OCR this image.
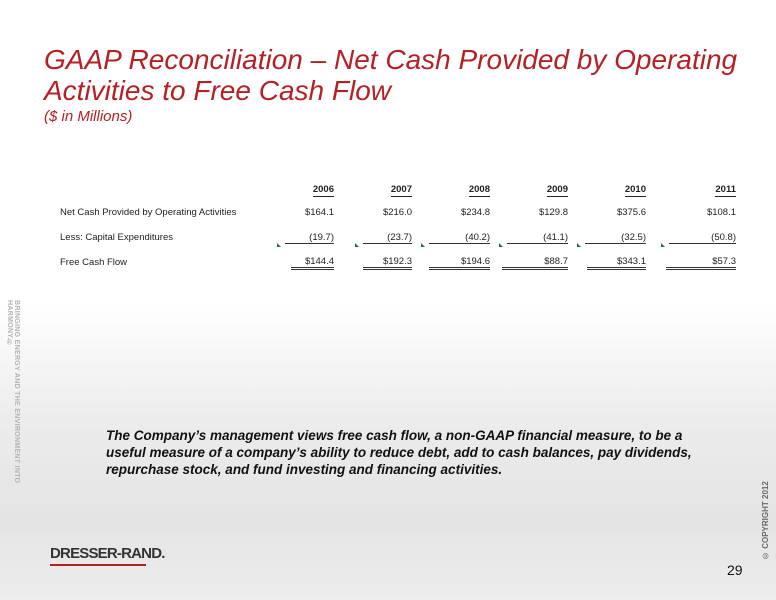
GAAP Reconciliation – Net Cash Provided by Operating Activities to Free Cash Flow
($ in Millions)
	2006	2007	2008	2009	2010	2011
Net Cash Provided by Operating Activities	$164.1	$216.0	$234.8	$129.8	$375.6	$108.1
Less: Capital Expenditures	(19.7)	(23.7)	(40.2)	(41.1)	(32.5)	(50.8)
Free Cash Flow	$144.4	$192.3	$194.6	$88.7	$343.1	$57.3
BRINGING ENERGY AND THE ENVIRONMENT INTO HARMONY.®

The Company’s management views free cash flow, a non-GAAP financial measure, to be a useful measure of a company’s ability to reduce debt, add to cash balances, pay dividends, repurchase stock, and fund investing and financing activities.

© COPYRIGHT 2012
DRESSER-RAND.
29
